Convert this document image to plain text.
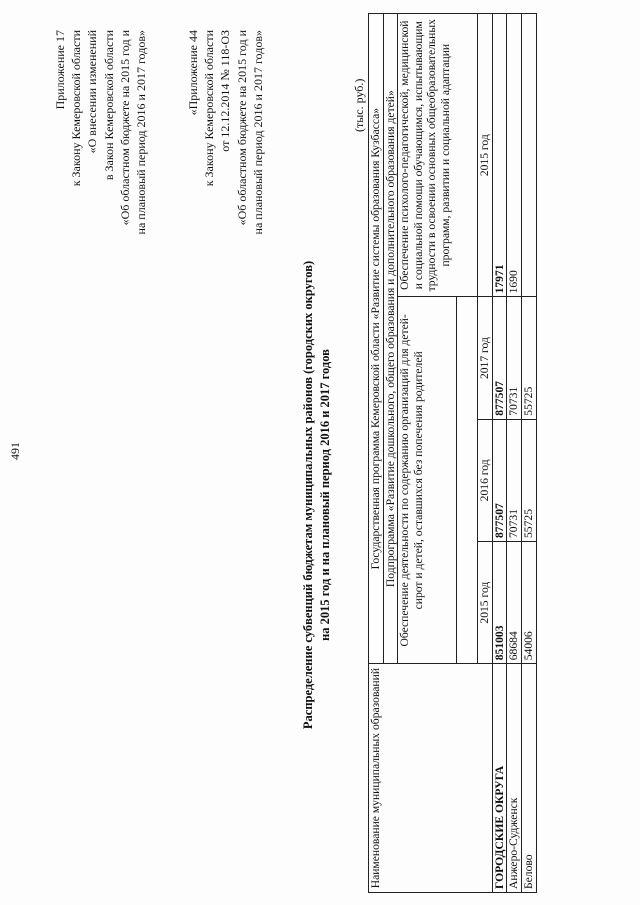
491
Приложение 17 к Закону Кемеровской области «О внесении изменений в Закон Кемеровской области «Об областном бюджете на 2015 год и на плановый период 2016 и 2017 годов»	«Приложение 44 к Закону Кемеровской области от 12.12.2014 № 118-ОЗ «Об областном бюджете на 2015 год и на плановый период 2016 и 2017 годов»
Распределение субвенций бюджетам муниципальных районов (городских округов) на 2015 год и на плановый период 2016 и 2017 годов
(тыс. руб.)
Наименование муниципальных образований	Государственная программа Кемеровской области «Развитие системы образования Кузбасса»			
	Подпрограмма «Развитие дошкольного, общего образования и дополнительного образования детей»			
	Обеспечение деятельности по содержанию организаций для детей-сирот и детей, оставшихся без попечения родителей			Обеспечение психолого-педагогической, медицинской и социальной помощи обучающимся, испытывающим трудности в освоении основных общеобразовательных программ, развитии и социальной адаптации

	2015 год	2016 год	2017 год	2015 год
ГОРОДСКИЕ ОКРУГА	851003	877507	877507	17971
Анжеро-Судженск	68684	70731	70731	1690
Белово	54006	55725	55725	
